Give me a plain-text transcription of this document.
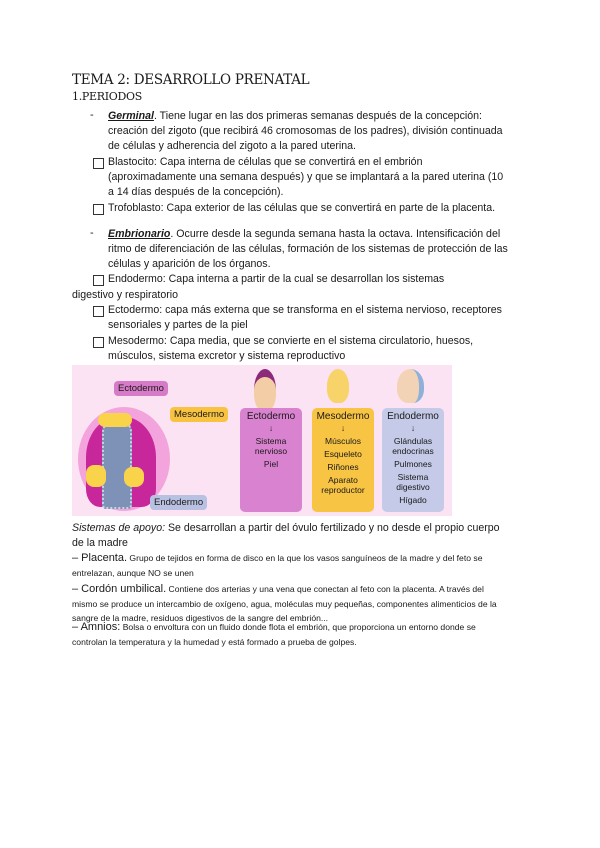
TEMA 2: DESARROLLO PRENATAL
1.PERIODOS
- Germinal. Tiene lugar en las dos primeras semanas después de la concepción:
creación del zigoto (que recibirá 46 cromosomas de los padres), división continuada
de células y adherencia del zigoto a la pared uterina.
Blastocito: Capa interna de células que se convertirá en el embrión
(aproximadamente una semana después) y que se implantará a la pared uterina (10
a 14 días después de la concepción).
Trofoblasto: Capa exterior de las células que se convertirá en parte de la placenta.
- Embrionario. Ocurre desde la segunda semana hasta la octava. Intensificación del
ritmo de diferenciación de las células, formación de los sistemas de protección de las
células y aparición de los órganos.
Endodermo: Capa interna a partir de la cual se desarrollan los sistemas
digestivo y respiratorio
Ectodermo: capa más externa que se transforma en el sistema nervioso, receptores
sensoriales y partes de la piel
Mesodermo: Capa media, que se convierte en el sistema circulatorio, huesos,
músculos, sistema excretor y sistema reproductivo
Ectodermo
Mesodermo
Endodermo
Ectodermo
↓
Sistema nervioso
Piel
Mesodermo
↓
Músculos
Esqueleto
Riñones
Aparato reproductor
Endodermo
↓
Glándulas endocrinas
Pulmones
Sistema digestivo
Hígado
Sistemas de apoyo: Se desarrollan a partir del óvulo fertilizado y no desde el propio cuerpo
de la madre
– Placenta. Grupo de tejidos en forma de disco en la que los vasos sanguíneos de la madre y del feto se
entrelazan, aunque NO se unen
– Cordón umbilical. Contiene dos arterias y una vena que conectan al feto con la placenta. A través del
mismo se produce un intercambio de oxígeno, agua, moléculas muy pequeñas, componentes alimenticios de la
sangre de la madre, residuos digestivos de la sangre del embrión...
– Amnios: Bolsa o envoltura con un fluido donde flota el embrión, que proporciona un entorno donde se
controlan la temperatura y la humedad y está formado a prueba de golpes.
